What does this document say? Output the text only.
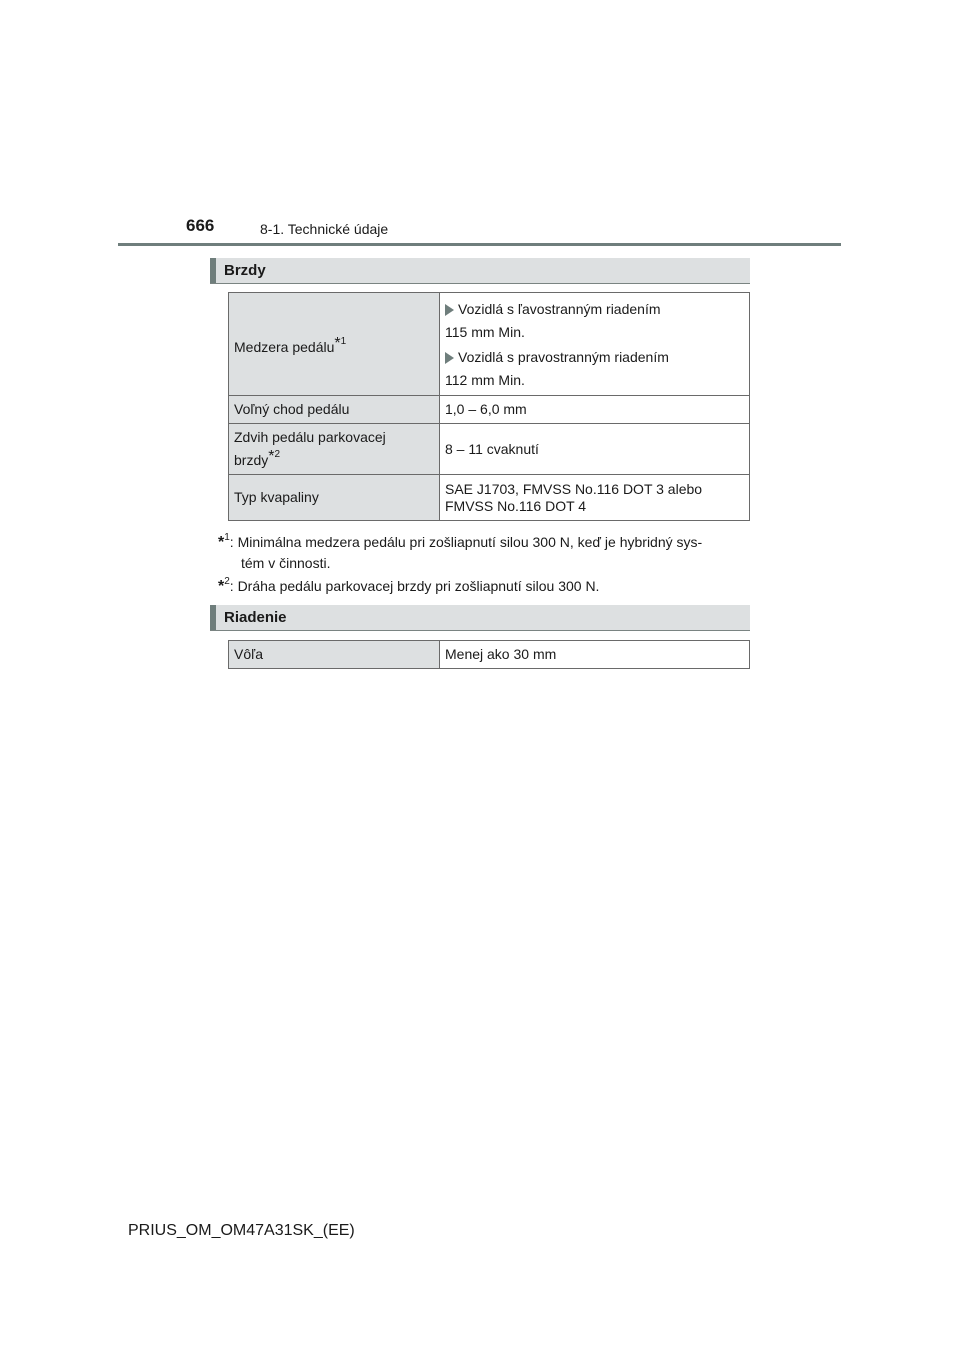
666	8-1. Technické údaje
Brzdy
Medzera pedálu$^{*1}$	Vozidlá s ľavostranným riadením
115 mm Min.
Vozidlá s pravostranným riadením
112 mm Min.

Voľný chod pedálu	1,0 – 6,0 mm
Zdvih pedálu parkovacej
brzdy$^{*2}$	8 – 11 cvaknutí
Typ kvapaliny	SAE J1703, FMVSS No.116 DOT 3 alebo
FMVSS No.116 DOT 4
*$^1$: Minimálna medzera pedálu pri zošliapnutí silou 300 N, keď je hybridný sys-
tém v činnosti.
*$^2$: Dráha pedálu parkovacej brzdy pri zošliapnutí silou 300 N.
Riadenie
Vôľa	Menej ako 30 mm
PRIUS_OM_OM47A31SK_(EE)
